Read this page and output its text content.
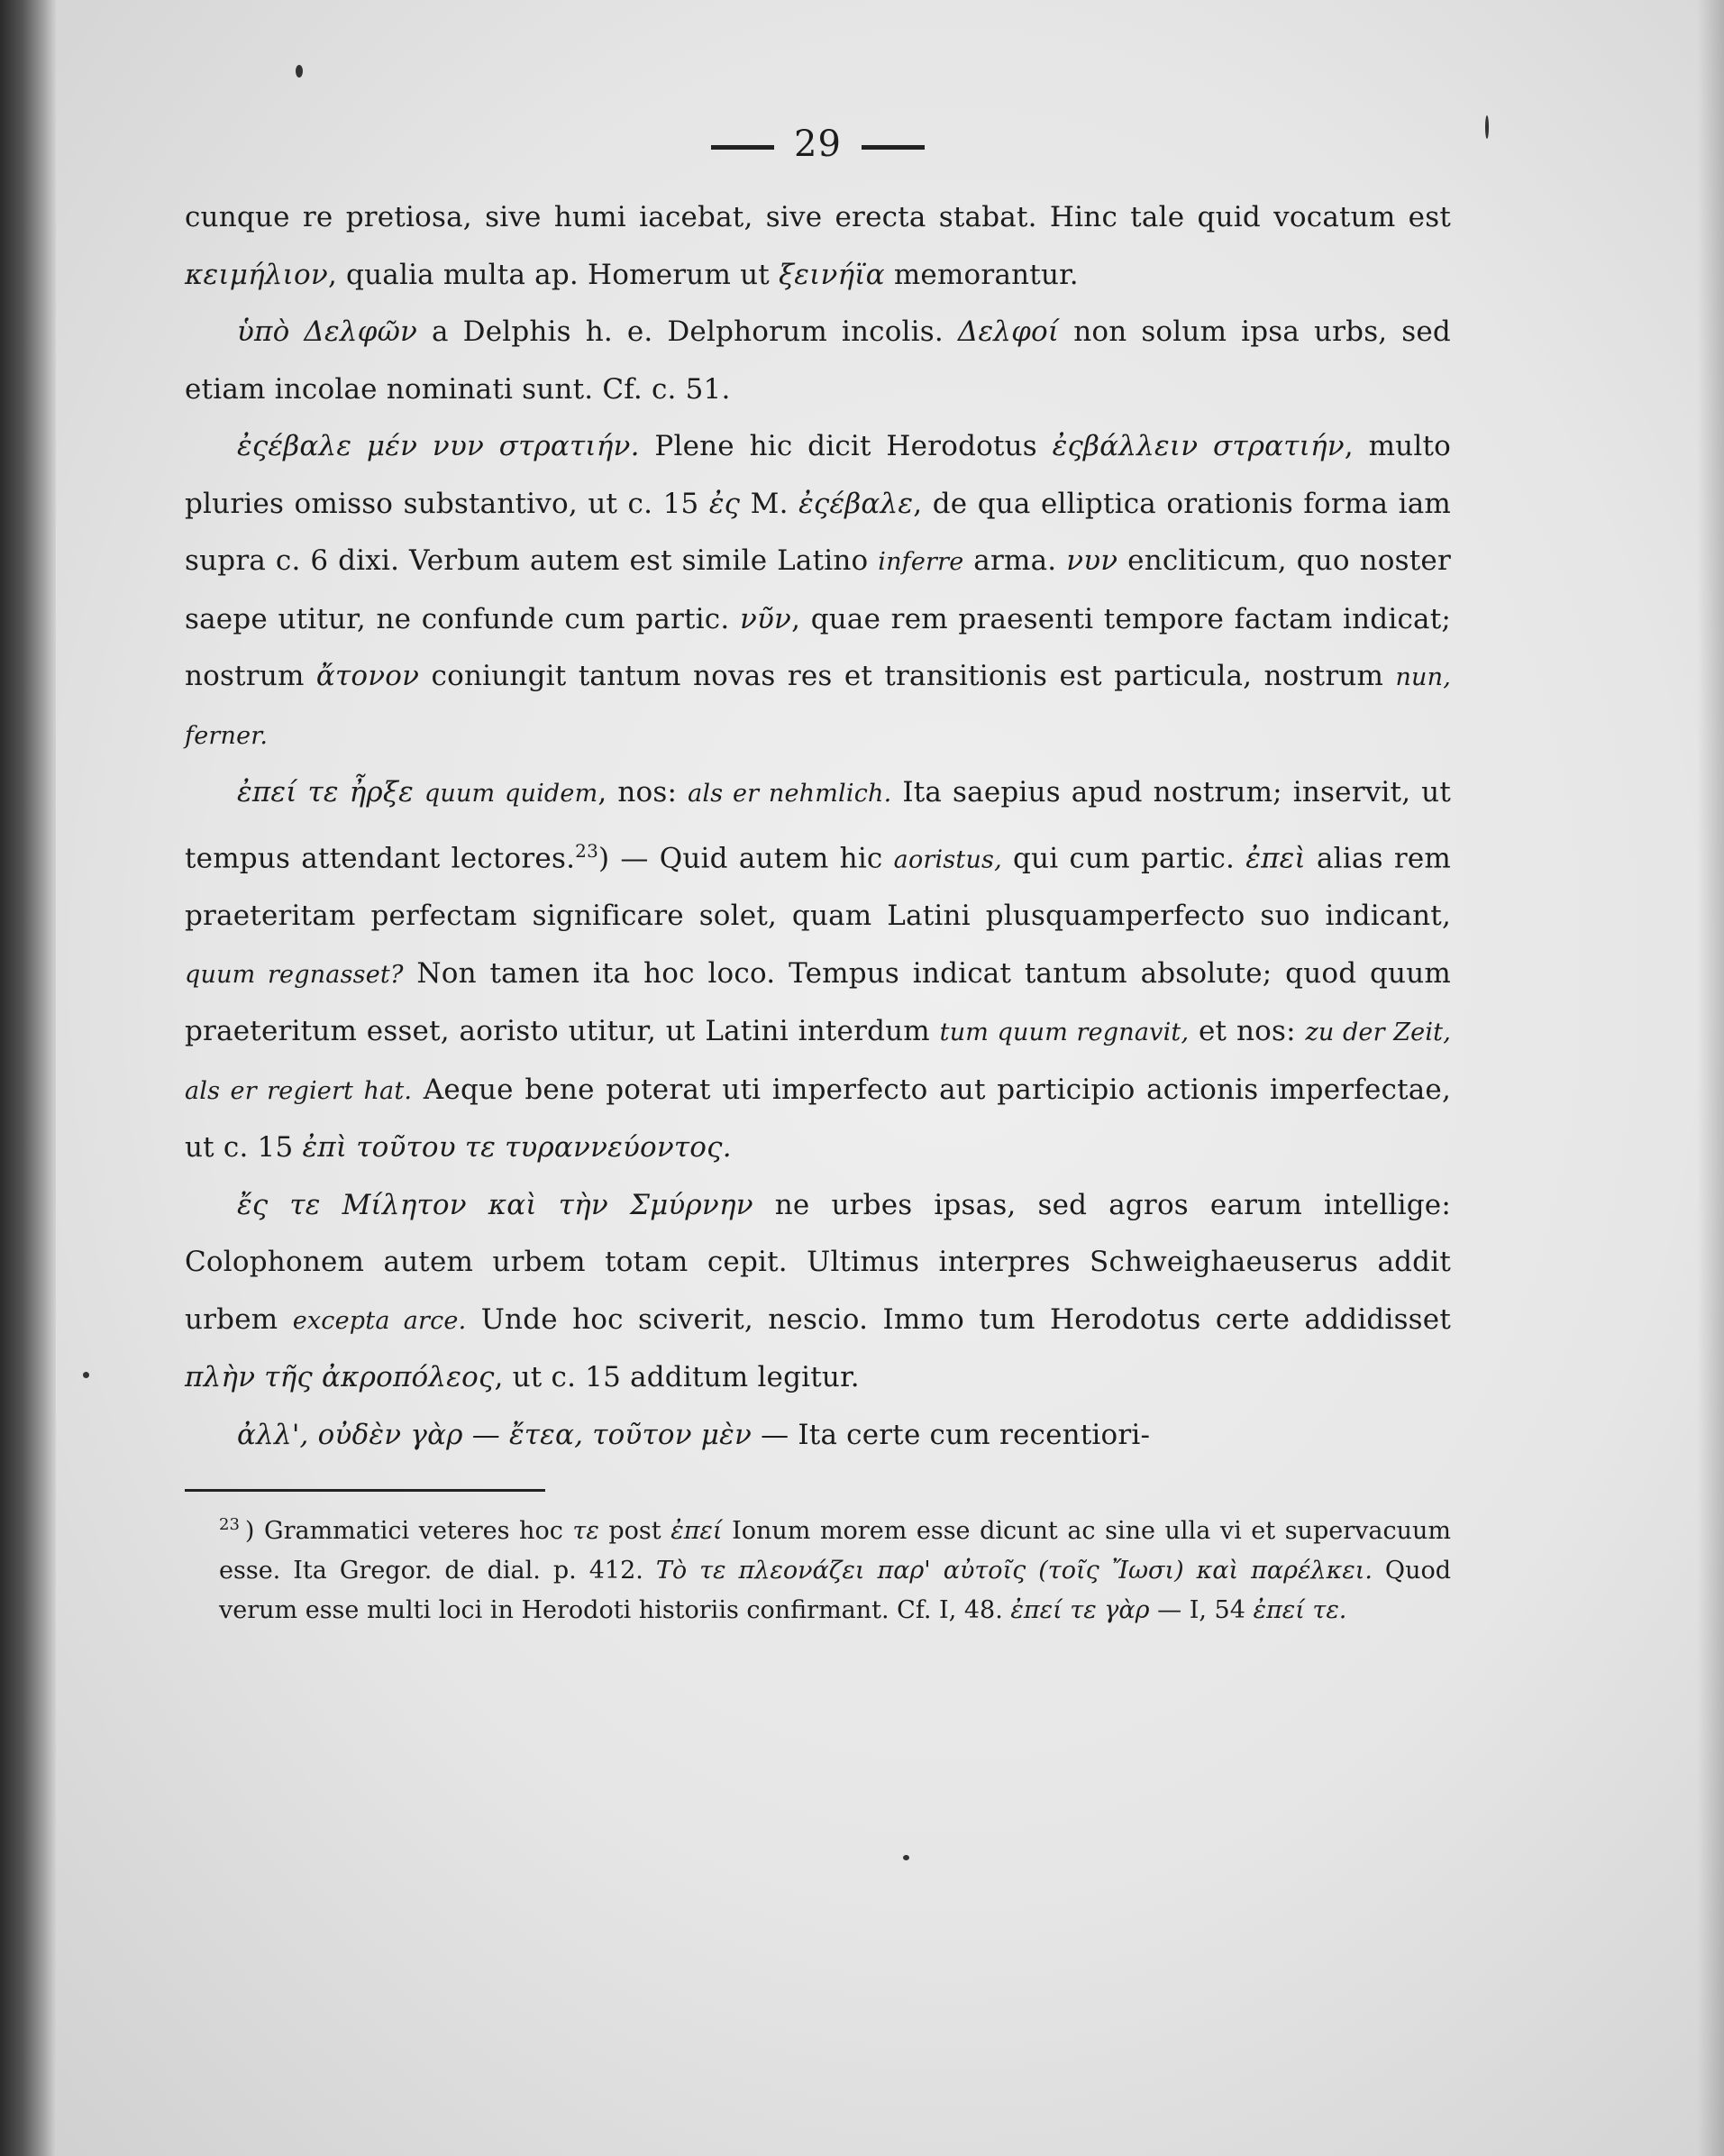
29

cunque re pretiosa, sive humi iacebat, sive erecta stabat. Hinc tale quid vocatum est κειμήλιον, qualia multa ap. Homerum ut ξεινήϊα memorantur.

ὑπὸ Δελφῶν a Delphis h. e. Delphorum incolis. Δελφοί non solum ipsa urbs, sed etiam incolae nominati sunt. Cf. c. 51.

ἐςέβαλε μέν νυν στρατιήν. Plene hic dicit Herodotus ἐςβάλλειν στρατιήν, multo pluries omisso substantivo, ut c. 15 ἐς M. ἐςέβαλε, de qua elliptica orationis forma iam supra c. 6 dixi. Verbum autem est simile Latino inferre arma. νυν encliticum, quo noster saepe utitur, ne confunde cum partic. νῦν, quae rem praesenti tempore factam indicat; nostrum ἄτονον coniungit tantum novas res et transitionis est particula, nostrum nun, ferner.

ἐπεί τε ἦρξε quum quidem, nos: als er nehmlich. Ita saepius apud nostrum; inservit, ut tempus attendant lectores.$^{23}$) — Quid autem hic aoristus, qui cum partic. ἐπεὶ alias rem praeteritam perfectam significare solet, quam Latini plusquamperfecto suo indicant, quum regnasset? Non tamen ita hoc loco. Tempus indicat tantum absolute; quod quum praeteritum esset, aoristo utitur, ut Latini interdum tum quum regnavit, et nos: zu der Zeit, als er regiert hat. Aeque bene poterat uti imperfecto aut participio actionis imperfectae, ut c. 15 ἐπὶ τοῦτου τε τυραννεύοντος.

ἔς τε Μίλητον καὶ τὴν Σμύρνην ne urbes ipsas, sed agros earum intellige: Colophonem autem urbem totam cepit. Ultimus interpres Schweighaeuserus addit urbem excepta arce. Unde hoc sciverit, nescio. Immo tum Herodotus certe addidisset πλὴν τῆς ἀκροπόλεος, ut c. 15 additum legitur.

ἀλλ', οὐδὲν γὰρ — ἔτεα, τοῦτον μὲν — Ita certe cum recentiori-

$^{23}$ ) Grammatici veteres hoc τε post ἐπεί Ionum morem esse dicunt ac sine ulla vi et supervacuum esse. Ita Gregor. de dial. p. 412. Τὸ τε πλεονάζει παρ' αὐτοῖς (τοῖς Ἴωσι) καὶ παρέλκει. Quod verum esse multi loci in Herodoti historiis confirmant. Cf. I, 48. ἐπεί τε γὰρ — I, 54 ἐπεί τε.
